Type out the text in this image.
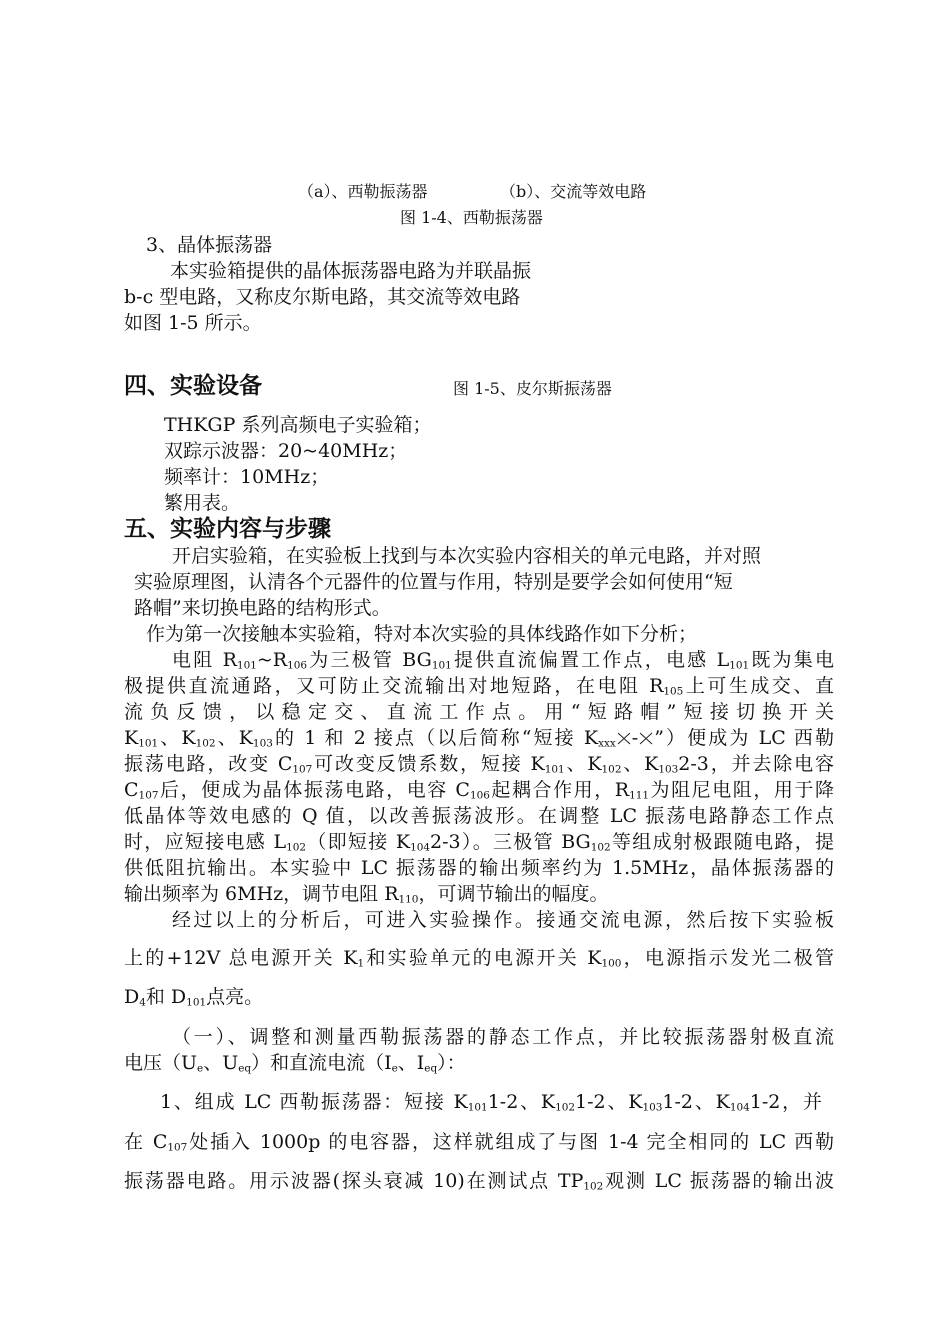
（a）、西勒振荡器	（b）、交流等效电路
图 1-4、西勒振荡器
3、晶体振荡器
本实验箱提供的晶体振荡器电路为并联晶振
b-c 型电路，又称皮尔斯电路，其交流等效电路
如图 1-5 所示。
四、实验设备	图 1-5、皮尔斯振荡器
THKGP 系列高频电子实验箱；
双踪示波器：20~40MHz；
频率计：10MHz；
繁用表。
五、实验内容与步骤
开启实验箱，在实验板上找到与本次实验内容相关的单元电路，并对照
实验原理图，认清各个元器件的位置与作用，特别是要学会如何使用“短
路帽”来切换电路的结构形式。
作为第一次接触本实验箱，特对本次实验的具体线路作如下分析；
电阻 $R_{101}\sim R_{106}$为三极管 $BG_{101}$提供直流偏置工作点，电感 $L_{101}$既为集电
极提供直流通路，又可防止交流输出对地短路，在电阻 $R_{105}$上可生成交、直
流负反馈，以稳定交、直流工作点。用“短路帽”短接切换开关
$K_{101}$、$K_{102}$、$K_{103}$的 1 和 2 接点（以后简称“短接 $K_{xxx}$ - ”）便成为 LC 西勒
振荡电路，改变 $C_{107}$可改变反馈系数，短接 $K_{101}$、$K_{102}$、$K_{103}2-3$，并去除电容
$C_{107}$后，便成为晶体振荡电路，电容 $C_{106}$起耦合作用，$R_{111}$为阻尼电阻，用于降
低晶体等效电感的 Q 值，以改善振荡波形。在调整 LC 振荡电路静态工作点
时，应短接电感 $L_{102}$（即短接 $K_{104}2-3$）。三极管 $BG_{102}$等组成射极跟随电路，提
供低阻抗输出。本实验中 LC 振荡器的输出频率约为 1.5MHz，晶体振荡器的
输出频率为 6MHz，调节电阻 $R_{110}$，可调节输出的幅度。
经过以上的分析后，可进入实验操作。接通交流电源，然后按下实验板
上的+12V 总电源开关 $K_1$和实验单元的电源开关 $K_{100}$，电源指示发光二极管
$D_4$和 $D_{101}$点亮。
（一）、调整和测量西勒振荡器的静态工作点，并比较振荡器射极直流
电压（$U_e$、$U_{eq}$）和直流电流（$I_e$、$I_{eq}$）：
1、组成 LC 西勒振荡器：短接 $K_{101}1-2$、$K_{102}1-2$、$K_{103}1-2$、$K_{104}1-2$，并
在 $C_{107}$处插入 1000p 的电容器，这样就组成了与图 1-4 完全相同的 LC 西勒
振荡器电路。用示波器(探头衰减 10)在测试点 $TP_{102}$观测 LC 振荡器的输出波
